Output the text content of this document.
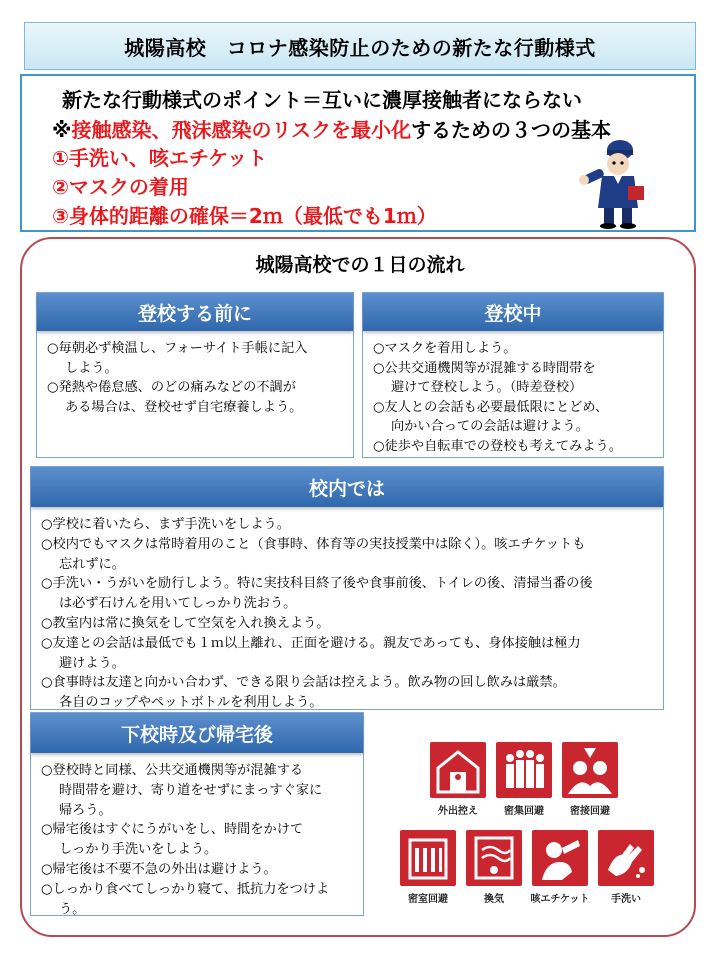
城陽高校　コロナ感染防止のための新たな行動様式
新たな行動様式のポイント＝互いに濃厚接触者にならない
※接触感染、飛沫感染のリスクを最小化するための３つの基本
①手洗い、咳エチケット
②マスクの着用
③身体的距離の確保＝2ｍ（最低でも1ｍ）
城陽高校での１日の流れ
登校する前に

○毎朝必ず検温し、フォーサイト手帳に記入

しよう。

○発熱や倦怠感、のどの痛みなどの不調が

ある場合は、登校せず自宅療養しよう。

登校中

○マスクを着用しよう。

○公共交通機関等が混雑する時間帯を

避けて登校しよう。（時差登校）

○友人との会話も必要最低限にとどめ、

向かい合っての会話は避けよう。

○徒歩や自転車での登校も考えてみよう。

校内では

○学校に着いたら、まず手洗いをしよう。

○校内でもマスクは常時着用のこと（食事時、体育等の実技授業中は除く）。咳エチケットも

忘れずに。

○手洗い・うがいを励行しよう。特に実技科目終了後や食事前後、トイレの後、清掃当番の後

は必ず石けんを用いてしっかり洗おう。

○教室内は常に換気をして空気を入れ換えよう。

○友達との会話は最低でも１ｍ以上離れ、正面を避ける。親友であっても、身体接触は極力

避けよう。

○食事時は友達と向かい合わず、できる限り会話は控えよう。飲み物の回し飲みは厳禁。

各自のコップやペットボトルを利用しよう。

下校時及び帰宅後

○登校時と同様、公共交通機関等が混雑する

時間帯を避け、寄り道をせずにまっすぐ家に

帰ろう。

○帰宅後はすぐにうがいをし、時間をかけて

しっかり手洗いをしよう。

○帰宅後は不要不急の外出は避けよう。

○しっかり食べてしっかり寝て、抵抗力をつけよ

う。

外出控え	密集回避	密接回避
密室回避	換気	咳エチケット	手洗い
